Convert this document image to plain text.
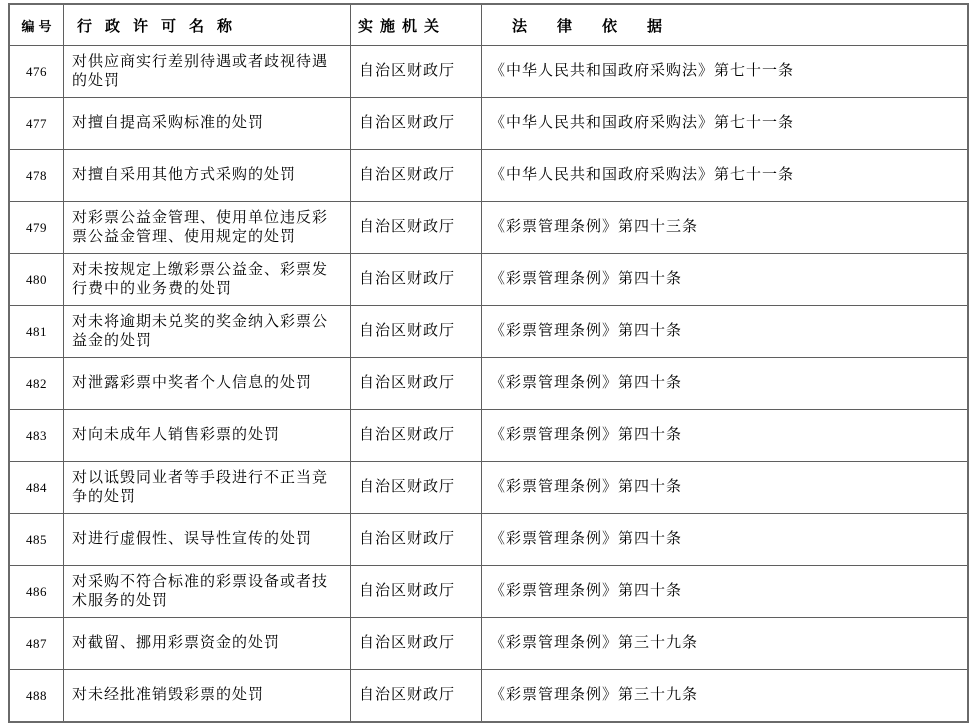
编号	行政许可名称	实施机关	法律依据
476	对供应商实行差别待遇或者歧视待遇的处罚	自治区财政厅	《中华人民共和国政府采购法》第七十一条
477	对擅自提高采购标准的处罚	自治区财政厅	《中华人民共和国政府采购法》第七十一条
478	对擅自采用其他方式采购的处罚	自治区财政厅	《中华人民共和国政府采购法》第七十一条
479	对彩票公益金管理、使用单位违反彩票公益金管理、使用规定的处罚	自治区财政厅	《彩票管理条例》第四十三条
480	对未按规定上缴彩票公益金、彩票发行费中的业务费的处罚	自治区财政厅	《彩票管理条例》第四十条
481	对未将逾期未兑奖的奖金纳入彩票公益金的处罚	自治区财政厅	《彩票管理条例》第四十条
482	对泄露彩票中奖者个人信息的处罚	自治区财政厅	《彩票管理条例》第四十条
483	对向未成年人销售彩票的处罚	自治区财政厅	《彩票管理条例》第四十条
484	对以诋毁同业者等手段进行不正当竞争的处罚	自治区财政厅	《彩票管理条例》第四十条
485	对进行虚假性、误导性宣传的处罚	自治区财政厅	《彩票管理条例》第四十条
486	对采购不符合标准的彩票设备或者技术服务的处罚	自治区财政厅	《彩票管理条例》第四十条
487	对截留、挪用彩票资金的处罚	自治区财政厅	《彩票管理条例》第三十九条
488	对未经批准销毁彩票的处罚	自治区财政厅	《彩票管理条例》第三十九条
